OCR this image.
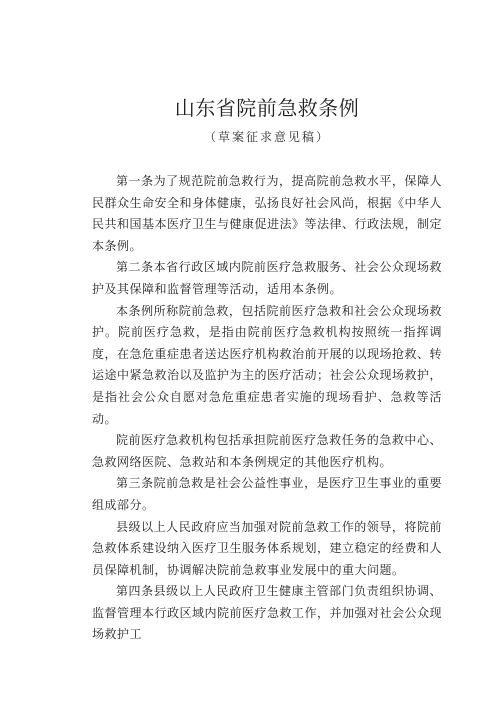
山东省院前急救条例
（草案征求意见稿）

第一条为了规范院前急救行为，提高院前急救水平，保障人民群众生命安全和身体健康，弘扬良好社会风尚，根据《中华人民共和国基本医疗卫生与健康促进法》等法律、行政法规，制定本条例。

第二条本省行政区域内院前医疗急救服务、社会公众现场救护及其保障和监督管理等活动，适用本条例。

本条例所称院前急救，包括院前医疗急救和社会公众现场救护。院前医疗急救，是指由院前医疗急救机构按照统一指挥调度，在急危重症患者送达医疗机构救治前开展的以现场抢救、转运途中紧急救治以及监护为主的医疗活动；社会公众现场救护，是指社会公众自愿对急危重症患者实施的现场看护、急救等活动。

院前医疗急救机构包括承担院前医疗急救任务的急救中心、急救网络医院、急救站和本条例规定的其他医疗机构。

第三条院前急救是社会公益性事业，是医疗卫生事业的重要组成部分。

县级以上人民政府应当加强对院前急救工作的领导，将院前急救体系建设纳入医疗卫生服务体系规划，建立稳定的经费和人员保障机制，协调解决院前急救事业发展中的重大问题。

第四条县级以上人民政府卫生健康主管部门负责组织协调、监督管理本行政区域内院前医疗急救工作，并加强对社会公众现场救护工
